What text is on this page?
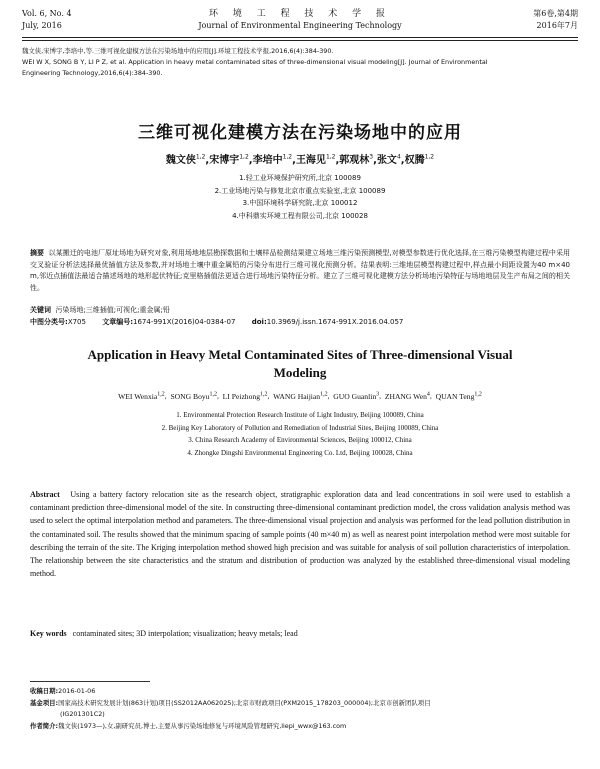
Vol. 6, No. 4
July, 2016
环 境 工 程 技 术 学 报
Journal of Environmental Engineering Technology
第6卷,第4期
2016年7月

魏文侠,宋博宇,李培中,等.三维可视化建模方法在污染场地中的应用[J].环境工程技术学报,2016,6(4):384-390.

WEI W X, SONG B Y, LI P Z, et al. Application in heavy metal contaminated sites of three-dimensional visual modeling[J]. Journal of Environmental

Engineering Technology,2016,6(4):384-390.

三维可视化建模方法在污染场地中的应用
魏文侠$^{1,2}$,宋博宇$^{1,2}$,李培中$^{1,2}$,王海见$^{1,2}$,郭观林$^3$,张文$^4$,权腾$^{1,2}$
1.轻工业环境保护研究所,北京 100089
2.工业场地污染与修复北京市重点实验室,北京 100089
3.中国环境科学研究院,北京 100012
4.中科鼎实环境工程有限公司,北京 100028
摘要 以某搬迁的电池厂原址场地为研究对象,利用场地地层勘探数据和土壤样品检测结果建立场地三维污染预测模型,对模型参数进行优化选择,在三维污染模型构建过程中采用交叉验证分析法选择最优插值方法及参数,并对场地土壤中重金属铅的污染分布进行三维可视化预测分析。结果表明:三维地层模型构建过程中,样点最小间距设置为40 m×40 m,邻近点插值法最适合描述场地的地形起伏特征;克里格插值法更适合进行场地污染特征分析。建立了三维可视化建模方法分析场地污染特征与场地地层及生产布局之间的相关性。
关键词 污染场地;三维插值;可视化;重金属;铅
中图分类号:X705 文章编号:1674-991X(2016)04-0384-07 doi:10.3969/j.issn.1674-991X.2016.04.057
Application in Heavy Metal Contaminated Sites of Three-dimensional Visual Modeling
WEI Wenxia$^{1,2}$,  SONG Boyu$^{1,2}$,  LI Peizhong$^{1,2}$,  WANG Haijian$^{1,2}$,  GUO Guanlin$^3$,  ZHANG Wen$^4$,  QUAN Teng$^{1,2}$
1. Environmental Protection Research Institute of Light Industry, Beijing 100089, China
2. Beijing Key Laboratory of Pollution and Remediation of Industrial Sites, Beijing 100089, China
3. China Research Academy of Environmental Sciences, Beijing 100012, China
4. Zhongke Dingshi Environmental Engineering Co. Ltd, Beijing 100028, China
Abstract Using a battery factory relocation site as the research object, stratigraphic exploration data and lead concentrations in soil were used to establish a contaminant prediction three-dimensional model of the site. In constructing three-dimensional contaminant prediction model, the cross validation analysis method was used to select the optimal interpolation method and parameters. The three-dimensional visual projection and analysis was performed for the lead pollution distribution in the contaminated soil. The results showed that the minimum spacing of sample points (40 m×40 m) as well as nearest point interpolation method were most suitable for describing the terrain of the site. The Kriging interpolation method showed high precision and was suitable for analysis of soil pollution characteristics of interpolation. The relationship between the site characteristics and the stratum and distribution of production was analyzed by the established three-dimensional visual modeling method.
Key words contaminated sites; 3D interpolation; visualization; heavy metals; lead

收稿日期:2016-01-06

基金项目:国家高技术研究发展计划(863计划)项目(SS2012AA062025);北京市财政项目(PXM2015_178203_000004);北京市创新团队项目

(IG201301C2)

作者简介:魏文侠(1973—),女,副研究员,博士,主要从事污染场地修复与环境风险管理研究,liepi_wwx@163.com
